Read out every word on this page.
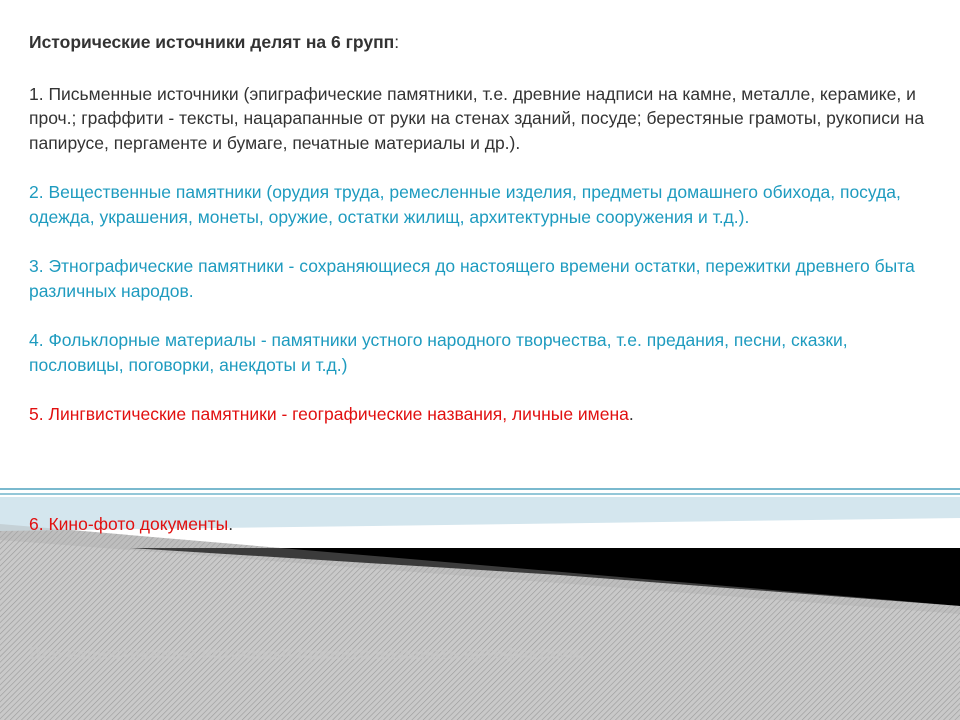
Исторические источники делят на 6 групп:

1. Письменные источники (эпиграфические памятники, т.е. древние надписи на камне, металле, керамике, и проч.; граффити - тексты, нацарапанные от руки на стенах зданий, посуде; берестяные грамоты, рукописи на папирусе, пергаменте и бумаге, печатные материалы и др.).

2. Вещественные памятники (орудия труда, ремесленные изделия, предметы домашнего обихода, посуда, одежда, украшения, монеты, оружие, остатки жилищ, архитектурные сооружения и т.д.).

3. Этнографические памятники - сохраняющиеся до настоящего времени остатки, пережитки древнего быта различных народов.

4. Фольклорные материалы - памятники устного народного творчества, т.е. предания, песни, сказки, пословицы, поговорки, анекдоты и т.д.)

5. Лингвистические памятники - географические названия, личные имена.

6. Кино-фото документы.

Все вещественные источники принято называть артефактами.
